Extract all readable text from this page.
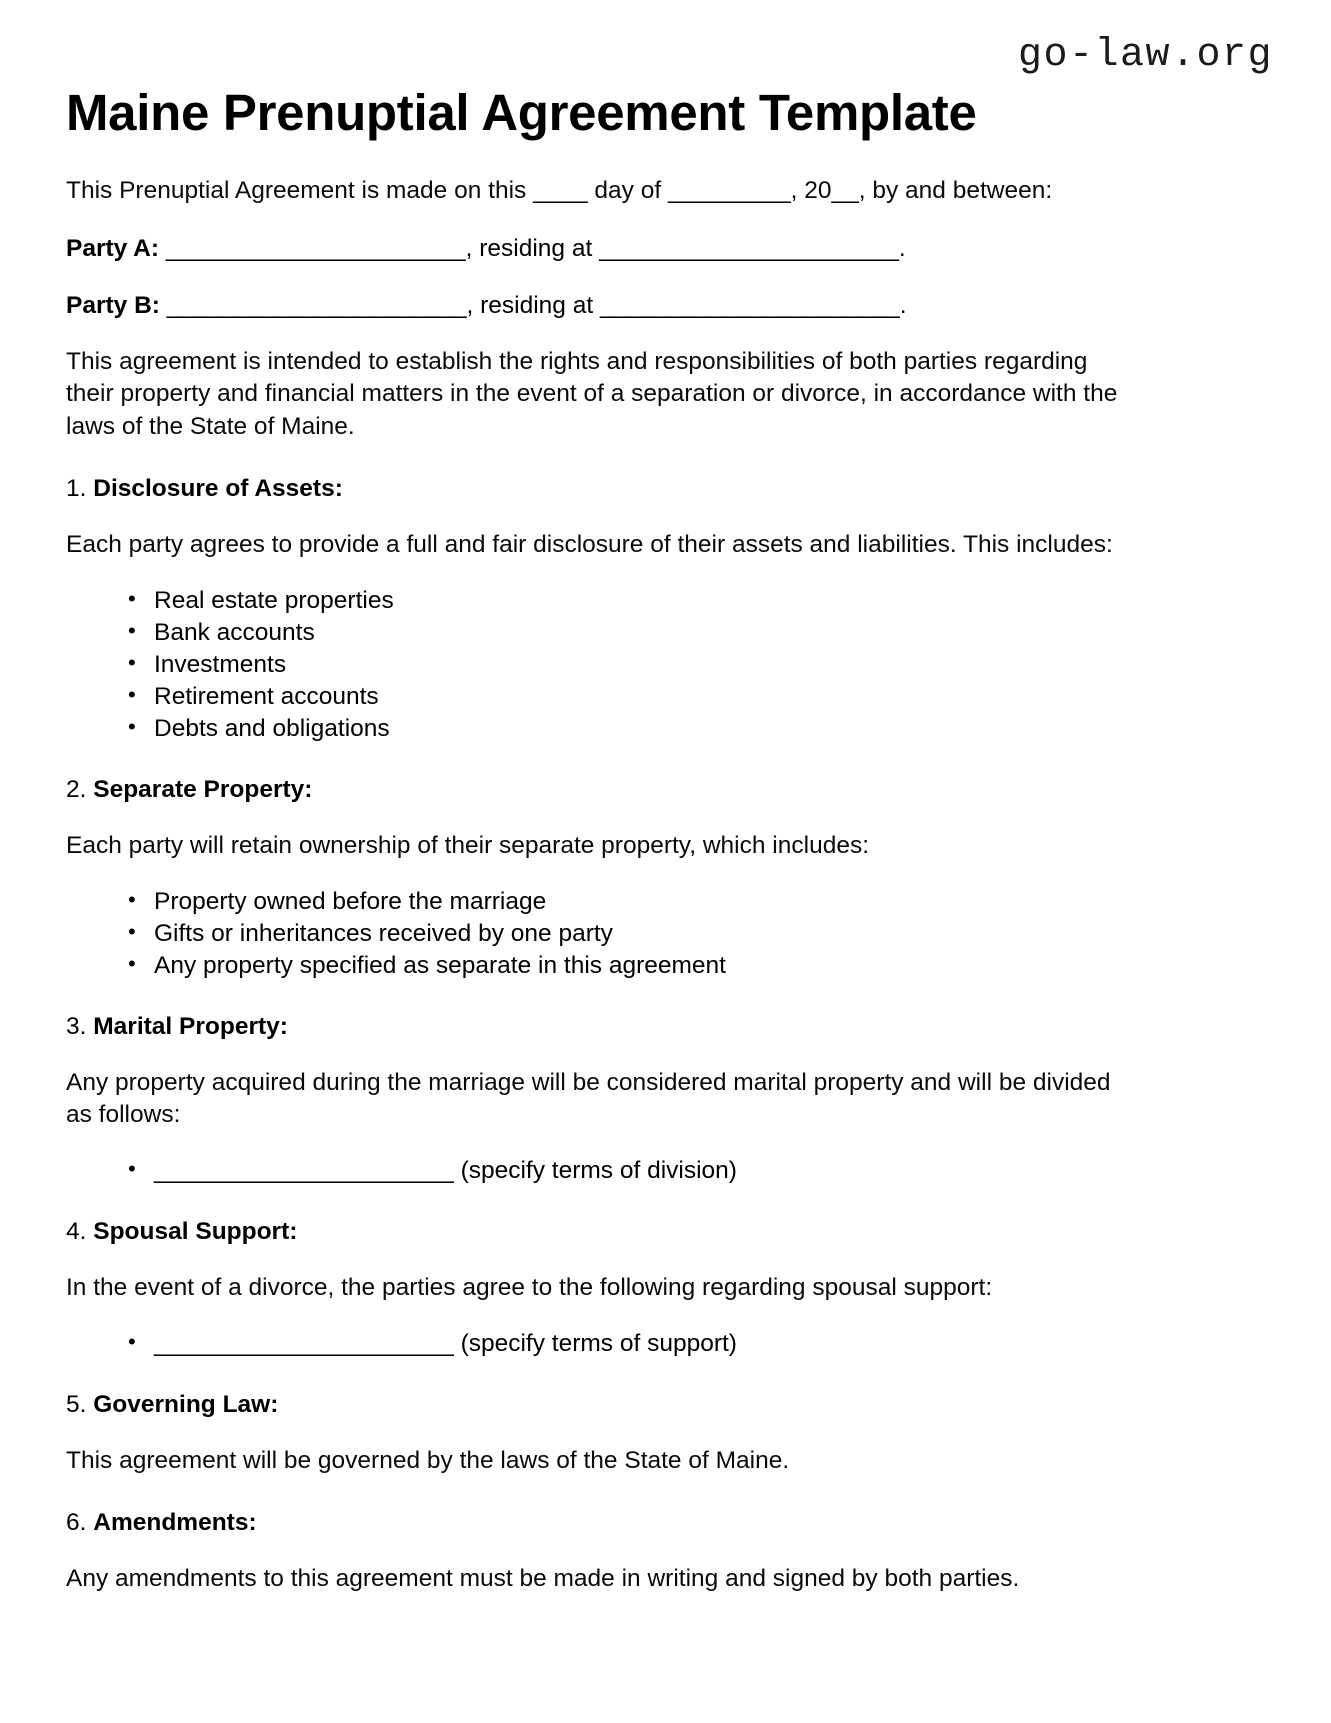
go-law.org
Maine Prenuptial Agreement Template

This Prenuptial Agreement is made on this ____ day of _________, 20__, by and between:

Party A: ______________________, residing at ______________________.

Party B: ______________________, residing at ______________________.

This agreement is intended to establish the rights and responsibilities of both parties regarding their property and financial matters in the event of a separation or divorce, in accordance with the laws of the State of Maine.

1. Disclosure of Assets:

Each party agrees to provide a full and fair disclosure of their assets and liabilities. This includes:

• Real estate properties
• Bank accounts
• Investments
• Retirement accounts
• Debts and obligations
2. Separate Property:

Each party will retain ownership of their separate property, which includes:

• Property owned before the marriage
• Gifts or inheritances received by one party
• Any property specified as separate in this agreement
3. Marital Property:

Any property acquired during the marriage will be considered marital property and will be divided as follows:

• ______________________ (specify terms of division)
4. Spousal Support:

In the event of a divorce, the parties agree to the following regarding spousal support:

• ______________________ (specify terms of support)
5. Governing Law:

This agreement will be governed by the laws of the State of Maine.

6. Amendments:

Any amendments to this agreement must be made in writing and signed by both parties.
